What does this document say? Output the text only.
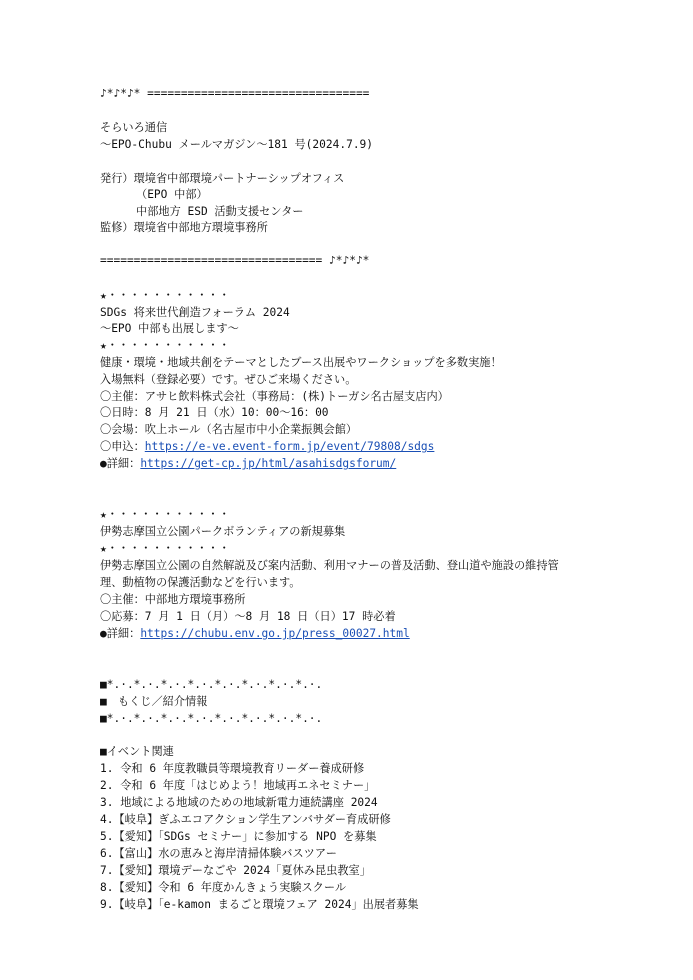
♪*♪*♪* =================================

そらいろ通信

～EPO-Chubu メールマガジン～181 号(2024.7.9)

発行）環境省中部環境パートナーシップオフィス

（EPO 中部）

中部地方 ESD 活動支援センター

監修）環境省中部地方環境事務所

================================= ♪*♪*♪*

★・・・・・・・・・・・

SDGs 将来世代創造フォーラム 2024

～EPO 中部も出展します～

★・・・・・・・・・・・

健康・環境・地域共創をテーマとしたブース出展やワークショップを多数実施！

入場無料（登録必要）です。ぜひご来場ください。

〇主催：アサヒ飲料株式会社（事務局：(株)トーガシ名古屋支店内）

〇日時：8 月 21 日（水）10：00～16：00

〇会場：吹上ホール（名古屋市中小企業振興会館）

〇申込：https://e-ve.event-form.jp/event/79808/sdgs

●詳細：https://get-cp.jp/html/asahisdgsforum/

★・・・・・・・・・・・

伊勢志摩国立公園パークボランティアの新規募集

★・・・・・・・・・・・

伊勢志摩国立公園の自然解説及び案内活動、利用マナーの普及活動、登山道や施設の維持管

理、動植物の保護活動などを行います。

〇主催：中部地方環境事務所

〇応募：7 月 1 日（月）～8 月 18 日（日）17 時必着

●詳細：https://chubu.env.go.jp/press_00027.html

■*.·.*.·.*.·.*.·.*.·.*.·.*.·.*.·.

■　もくじ／紹介情報

■*.·.*.·.*.·.*.·.*.·.*.·.*.·.*.·.

■イベント関連

1. 令和 6 年度教職員等環境教育リーダー養成研修

2. 令和 6 年度「はじめよう！地域再エネセミナー」

3. 地域による地域のための地域新電力連続講座 2024

4.【岐阜】ぎふエコアクション学生アンバサダー育成研修

5.【愛知】「SDGs セミナー」に参加する NPO を募集

6.【富山】水の恵みと海岸清掃体験バスツアー

7.【愛知】環境デーなごや 2024「夏休み昆虫教室」

8.【愛知】令和 6 年度かんきょう実験スクール

9.【岐阜】「e-kamon まるごと環境フェア 2024」出展者募集
